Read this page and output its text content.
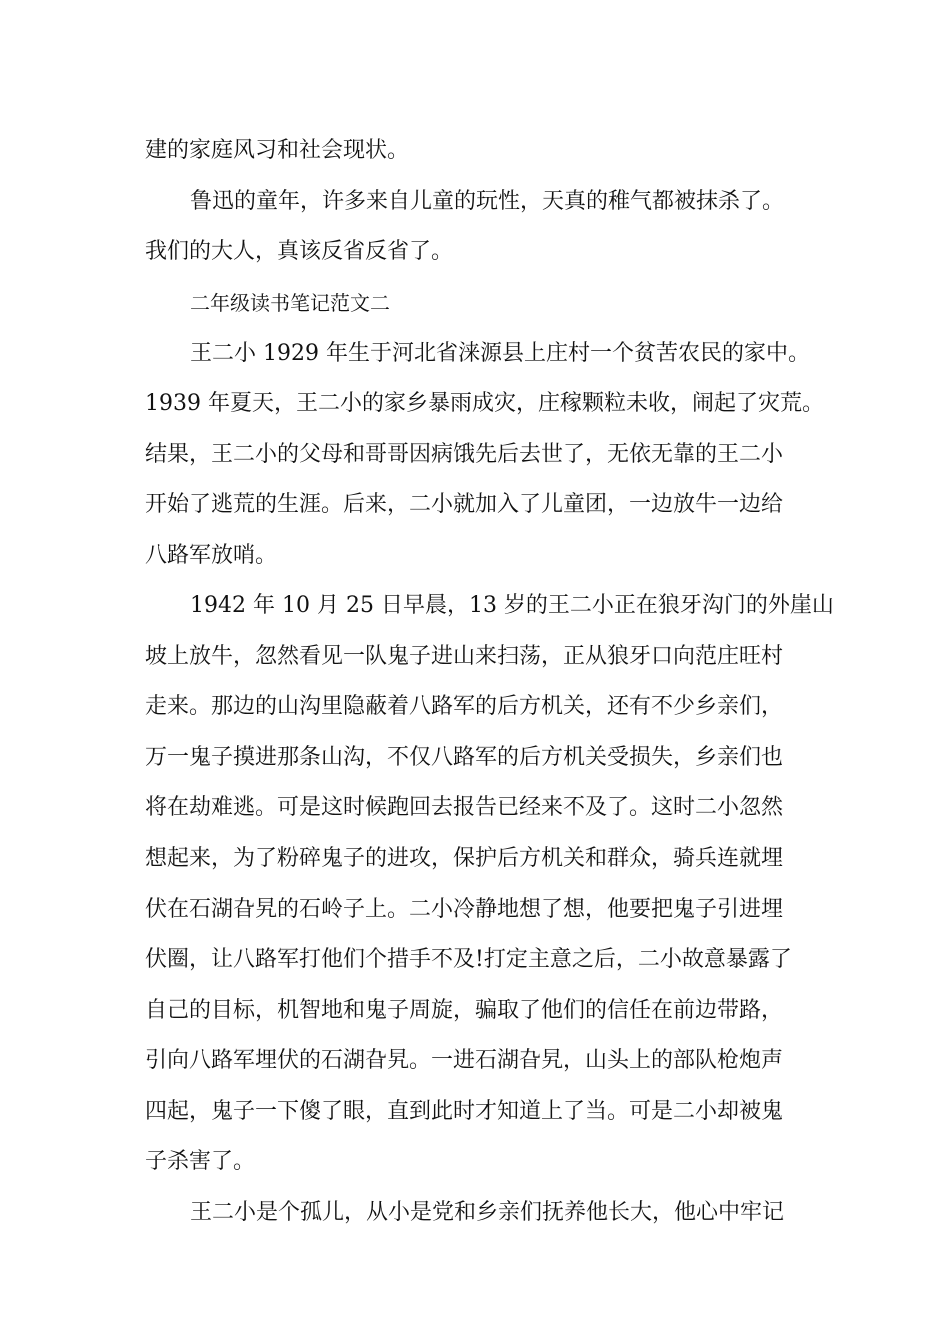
建的家庭风习和社会现状。

鲁迅的童年，许多来自儿童的玩性，天真的稚气都被抹杀了。

我们的大人，真该反省反省了。

二年级读书笔记范文二

王二小 1929 年生于河北省涞源县上庄村一个贫苦农民的家中。

1939 年夏天，王二小的家乡暴雨成灾，庄稼颗粒未收，闹起了灾荒。

结果，王二小的父母和哥哥因病饿先后去世了，无依无靠的王二小

开始了逃荒的生涯。后来，二小就加入了儿童团，一边放牛一边给

八路军放哨。

1942 年 10 月 25 日早晨，13 岁的王二小正在狼牙沟门的外崖山

坡上放牛，忽然看见一队鬼子进山来扫荡，正从狼牙口向范庄旺村

走来。那边的山沟里隐蔽着八路军的后方机关，还有不少乡亲们，

万一鬼子摸进那条山沟，不仅八路军的后方机关受损失，乡亲们也

将在劫难逃。可是这时候跑回去报告已经来不及了。这时二小忽然

想起来，为了粉碎鬼子的进攻，保护后方机关和群众，骑兵连就埋

伏在石湖旮旯的石岭子上。二小冷静地想了想，他要把鬼子引进埋

伏圈，让八路军打他们个措手不及!打定主意之后，二小故意暴露了

自己的目标，机智地和鬼子周旋，骗取了他们的信任在前边带路，

引向八路军埋伏的石湖旮旯。一进石湖旮旯，山头上的部队枪炮声

四起，鬼子一下傻了眼，直到此时才知道上了当。可是二小却被鬼

子杀害了。

王二小是个孤儿，从小是党和乡亲们抚养他长大，他心中牢记
